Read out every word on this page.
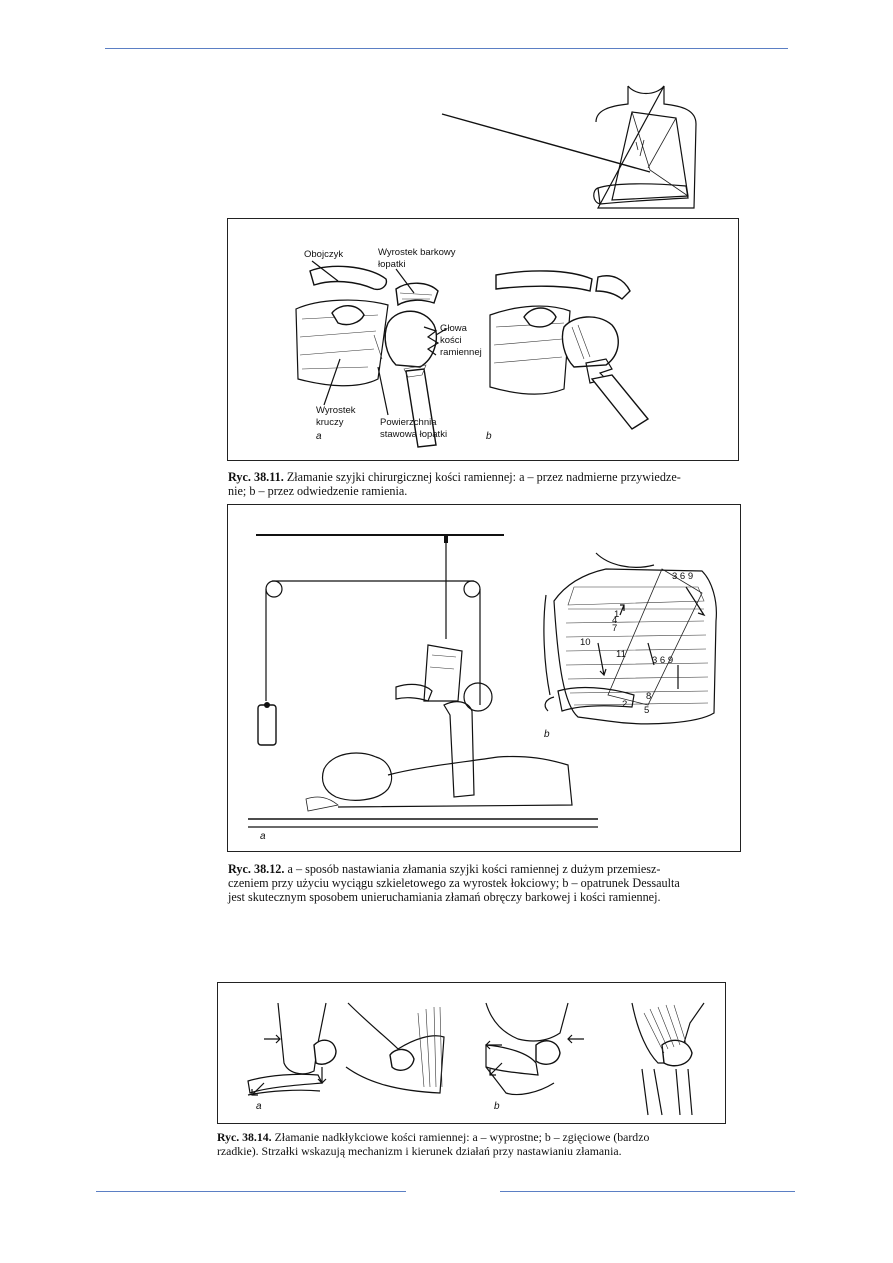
Obojczyk	Wyrostek barkowy
łopatki
Głowa
kości
ramiennej
Wyrostek
kruczy	Powierzchnia
stawowa łopatki
a	b
Ryc. 38.11. Złamanie szyjki chirurgicznej kości ramiennej: a – przez nadmierne przywiedze-
nie; b – przez odwiedzenie ramienia.
a
3 6 9
1
4
7
10
11
3 6 9
8
2
5
b
Ryc. 38.12. a – sposób nastawiania złamania szyjki kości ramiennej z dużym przemiesz-
czeniem przy użyciu wyciągu szkieletowego za wyrostek łokciowy; b – opatrunek Dessaulta
jest skutecznym sposobem unieruchamiania złamań obręczy barkowej i kości ramiennej.
a	b
Ryc. 38.14. Złamanie nadkłykciowe kości ramiennej: a – wyprostne; b – zgięciowe (bardzo
rzadkie). Strzałki wskazują mechanizm i kierunek działań przy nastawianiu złamania.
